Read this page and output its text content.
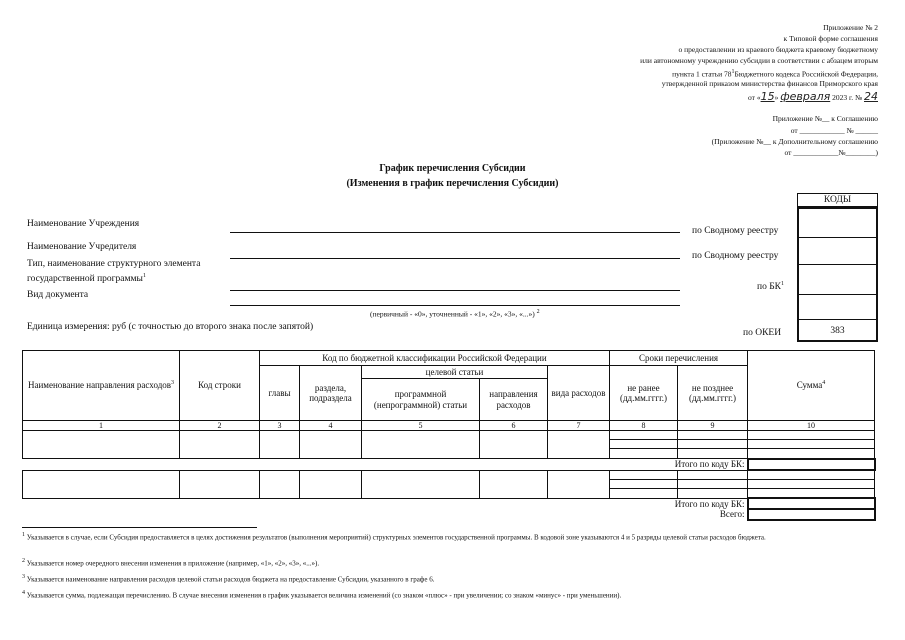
Приложение № 2
к Типовой форме соглашения
о предоставлении из краевого бюджета краевому бюджетному
или автономному учреждению субсидии в соответствии с абзацем вторым
пункта 1 статьи $78^1Бюджетного$ кодекса Российской Федерации,
утвержденной приказом министерства финансов Приморского края
от «15» февраля 2023 г. № 24
Приложение №__ к Соглашению
от ____________ № ______
(Приложение №__ к Дополнительному соглашению
от ____________№________)
График перечисления Субсидии
(Изменения в график перечисления Субсидии)
КОДЫ
383
Наименование Учреждения
по Сводному реестру
Наименование Учредителя
по Сводному реестру
Тип, наименование структурного элемента
государственной программы$^1$
по $БК^1$
Вид документа
(первичный - «0», уточненный - «1», «2», «3», «...») $^2$
Единица измерения: руб (с точностью до второго знака после запятой)
по ОКЕИ
Наименование направления расходов$^3$	Код строки	Код по бюджетной классификации Российской Федерации					Сроки перечисления		Сумма$^4$
		главы	раздела, подраздела	целевой статьи		вида расходов	не ранее (дд.мм.гггг.)	не позднее (дд.мм.гггг.)	
				программной (непрограммной) статьи	направления расходов				
1	2	3	4	5	6	7	8	9	10

Итого по коду БК:									

Итого по коду БК:									
Всего:									
$^1$ Указывается в случае, если Субсидия предоставляется в целях достижения результатов (выполнения мероприятий) структурных элементов государственной программы. В кодовой зоне указываются 4 и 5 разряды целевой статьи расходов бюджета.
$^2$ Указывается номер очередного внесения изменения в приложение (например, «1», «2», «3», «...»).
$^3$ Указывается наименование направления расходов целевой статьи расходов бюджета на предоставление Субсидии, указанного в графе 6.
$^4$ Указывается сумма, подлежащая перечислению. В случае внесения изменения в график указывается величина изменений (со знаком «плюс» - при увеличении; со знаком «минус» - при уменьшении).
